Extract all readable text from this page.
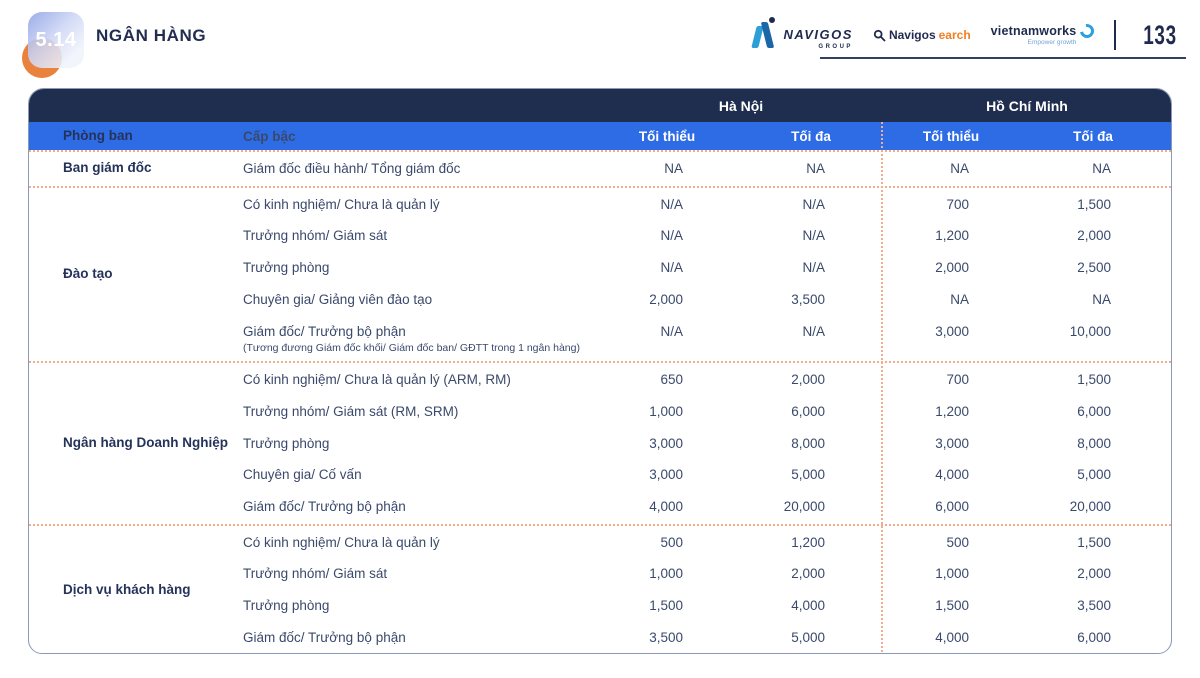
5.14 NGÂN HÀNG	NAVIGOS
GROUP
Navigos earch vietnamworks
Empower growth 133
Hà Nội	Hồ Chí Minh
Phòng ban	Cấp bậc	Tối thiểu	Tối đa	Tối thiểu	Tối đa
Ban giám đốc	Giám đốc điều hành/ Tổng giám đốc	NA	NA	NA	NA
Đào tạo
Có kinh nghiệm/ Chưa là quản lý	N/A	N/A	700	1,500
Trưởng nhóm/ Giám sát	N/A	N/A	1,200	2,000
Trưởng phòng	N/A	N/A	2,000	2,500
Chuyên gia/ Giảng viên đào tạo	2,000	3,500	NA	NA
Giám đốc/ Trưởng bộ phận
(Tương đương Giám đốc khối/ Giám đốc ban/ GĐTT trong 1 ngân hàng)
N/A	N/A	3,000	10,000
Ngân hàng Doanh Nghiệp
Có kinh nghiệm/ Chưa là quản lý (ARM, RM)	650	2,000	700	1,500
Trưởng nhóm/ Giám sát (RM, SRM)	1,000	6,000	1,200	6,000
Trưởng phòng	3,000	8,000	3,000	8,000
Chuyên gia/ Cố vấn	3,000	5,000	4,000	5,000
Giám đốc/ Trưởng bộ phận	4,000	20,000	6,000	20,000
Dịch vụ khách hàng
Có kinh nghiệm/ Chưa là quản lý	500	1,200	500	1,500
Trưởng nhóm/ Giám sát	1,000	2,000	1,000	2,000
Trưởng phòng	1,500	4,000	1,500	3,500
Giám đốc/ Trưởng bộ phận	3,500	5,000	4,000	6,000
